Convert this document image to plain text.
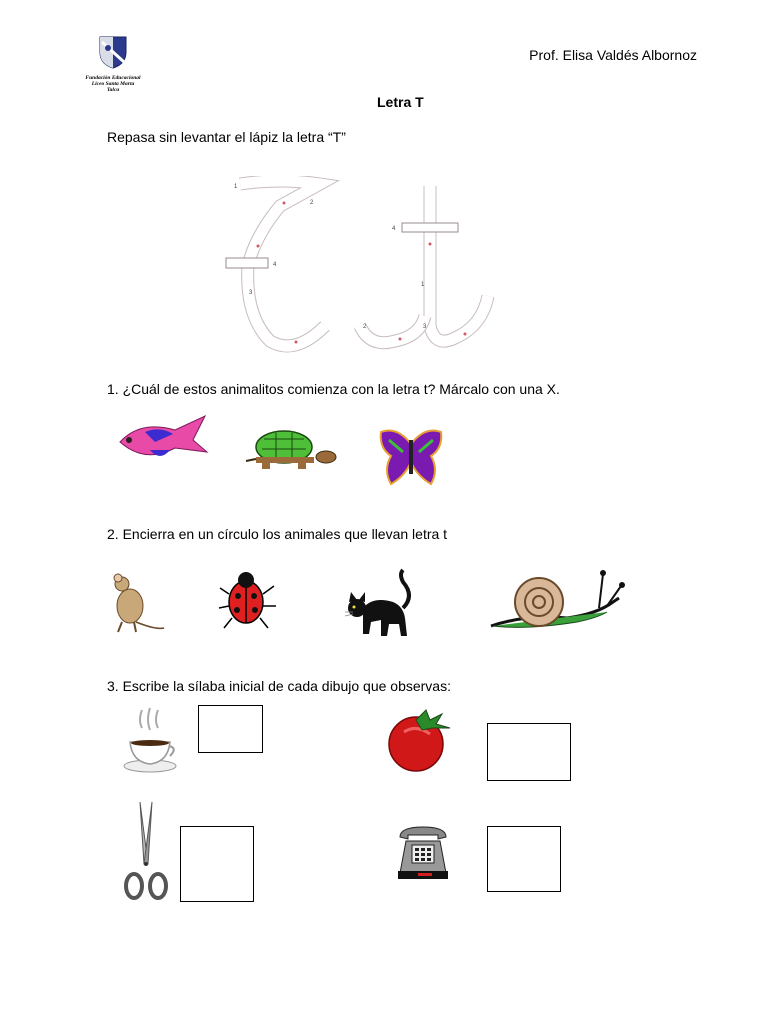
Fundación Educacional
Liceo Santa Marta
Talca
Prof. Elisa Valdés Albornoz
Letra T
Repasa sin levantar el lápiz la letra “T”
1
2
4
3
4
1
2	3
1. ¿Cuál de estos animalitos comienza con la letra t? Márcalo con una X.
2. Encierra en un círculo los animales que llevan letra t
3. Escribe la sílaba inicial de cada dibujo que observas:
